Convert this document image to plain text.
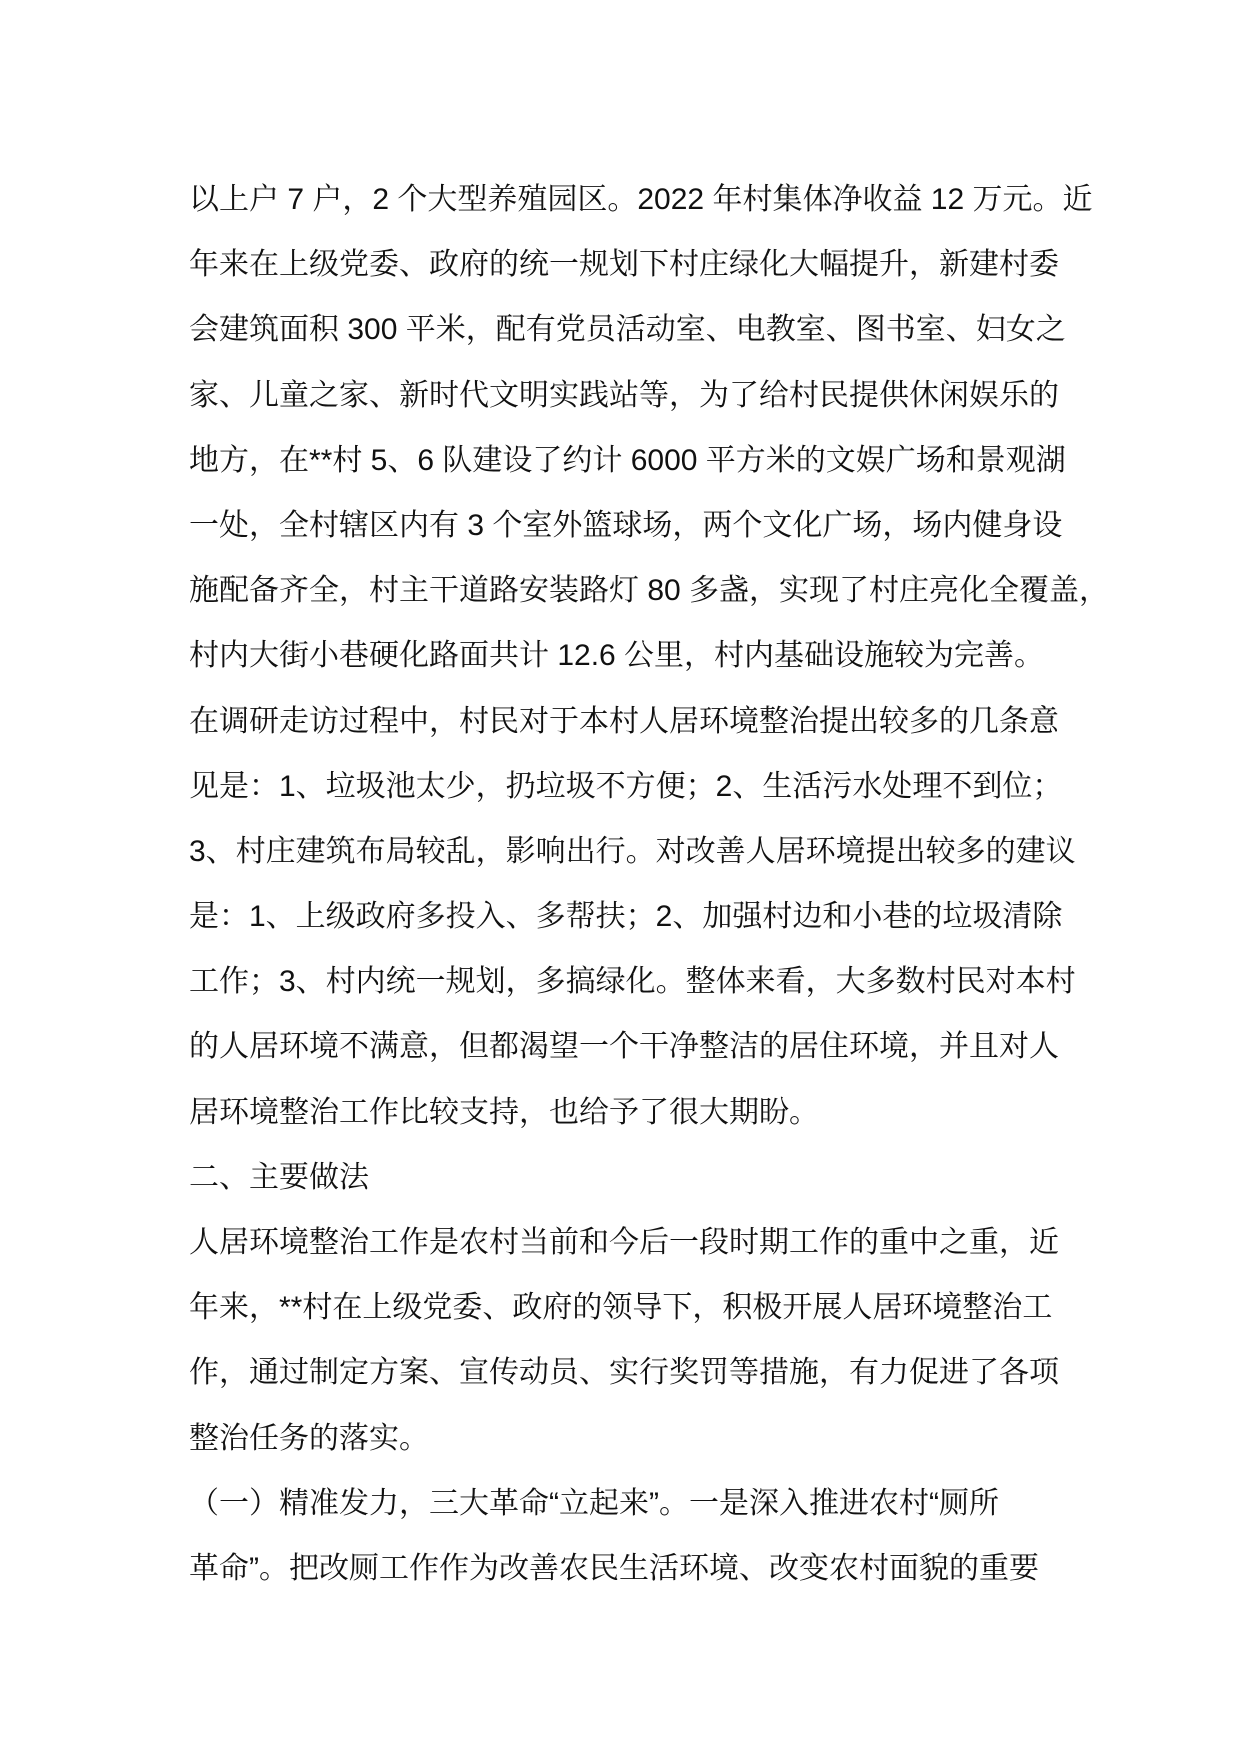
以上户 7 户，2 个大型养殖园区。2022 年村集体净收益 12 万元。近
年来在上级党委、政府的统一规划下村庄绿化大幅提升，新建村委
会建筑面积 300 平米，配有党员活动室、电教室、图书室、妇女之
家、儿童之家、新时代文明实践站等，为了给村民提供休闲娱乐的
地方，在**村 5、6 队建设了约计 6000 平方米的文娱广场和景观湖
一处，全村辖区内有 3 个室外篮球场，两个文化广场，场内健身设
施配备齐全，村主干道路安装路灯 80 多盏，实现了村庄亮化全覆盖，
村内大街小巷硬化路面共计 12.6 公里，村内基础设施较为完善。
在调研走访过程中，村民对于本村人居环境整治提出较多的几条意
见是：1、垃圾池太少，扔垃圾不方便；2、生活污水处理不到位；
3、村庄建筑布局较乱，影响出行。对改善人居环境提出较多的建议
是：1、上级政府多投入、多帮扶；2、加强村边和小巷的垃圾清除
工作；3、村内统一规划，多搞绿化。整体来看，大多数村民对本村
的人居环境不满意，但都渴望一个干净整洁的居住环境，并且对人
居环境整治工作比较支持，也给予了很大期盼。
二、主要做法
人居环境整治工作是农村当前和今后一段时期工作的重中之重，近
年来，**村在上级党委、政府的领导下，积极开展人居环境整治工
作，通过制定方案、宣传动员、实行奖罚等措施，有力促进了各项
整治任务的落实。
（一）精准发力，三大革命“立起来”。一是深入推进农村“厕所
革命”。把改厕工作作为改善农民生活环境、改变农村面貌的重要
